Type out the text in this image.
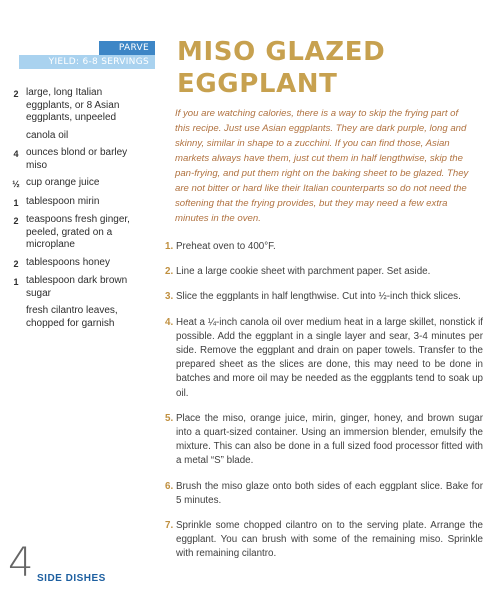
PARVE
YIELD: 6-8 SERVINGS
2 large, long Italian eggplants, or 8 Asian eggplants, unpeeled
canola oil
4 ounces blond or barley miso
½ cup orange juice
1 tablespoon mirin
2 teaspoons fresh ginger, peeled, grated on a microplane
2 tablespoons honey
1 tablespoon dark brown sugar
fresh cilantro leaves, chopped for garnish
MISO GLAZED
EGGPLANT

If you are watching calories, there is a way to skip the frying part of this recipe. Just use Asian eggplants. They are dark purple, long and skinny, similar in shape to a zucchini. If you can find those, Asian markets always have them, just cut them in half lengthwise, skip the pan-frying, and put them right on the baking sheet to be glazed. They are not bitter or hard like their Italian counterparts so do not need the softening that the frying provides, but they may need a few extra minutes in the oven.

1. Preheat oven to 400°F.
2. Line a large cookie sheet with parchment paper. Set aside.
3. Slice the eggplants in half lengthwise. Cut into ½-inch thick slices.
4. Heat a ¼-inch canola oil over medium heat in a large skillet, nonstick if possible. Add the eggplant in a single layer and sear, 3-4 minutes per side. Remove the eggplant and drain on paper towels. Transfer to the prepared sheet as the slices are done, this may need to be done in batches and more oil may be needed as the eggplants tend to soak up oil.
5. Place the miso, orange juice, mirin, ginger, honey, and brown sugar into a quart-sized container. Using an immersion blender, emulsify the mixture. This can also be done in a full sized food processor fitted with a metal “S” blade.
6. Brush the miso glaze onto both sides of each eggplant slice. Bake for 5 minutes.
7. Sprinkle some chopped cilantro on to the serving plate. Arrange the eggplant. You can brush with some of the remaining miso. Sprinkle with remaining cilantro.
4 SIDE DISHES
